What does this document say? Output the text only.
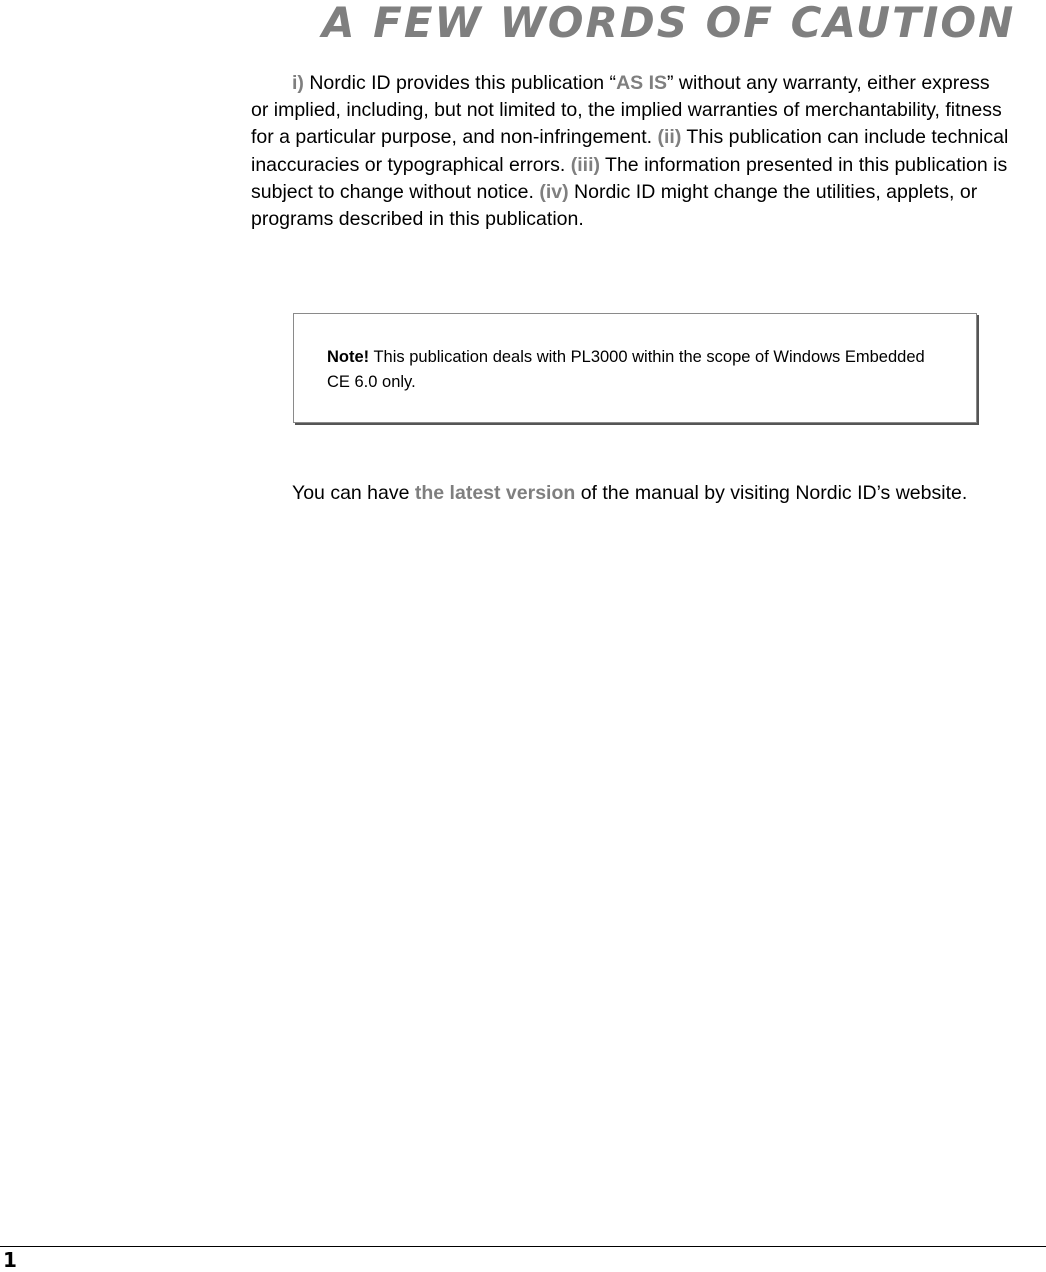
A FEW WORDS OF CAUTION

i) Nordic ID provides this publication “AS IS” without any warranty, either express or implied, including, but not limited to, the implied warranties of merchantability, fitness for a particular purpose, and non-infringement. (ii) This publication can include technical inaccuracies or typographical errors. (iii) The information presented in this publication is subject to change without notice. (iv) Nordic ID might change the utilities, applets, or programs described in this publication.

Note! This publication deals with PL3000 within the scope of Windows Embedded CE 6.0 only.

You can have the latest version of the manual by visiting Nordic ID’s website.

1
